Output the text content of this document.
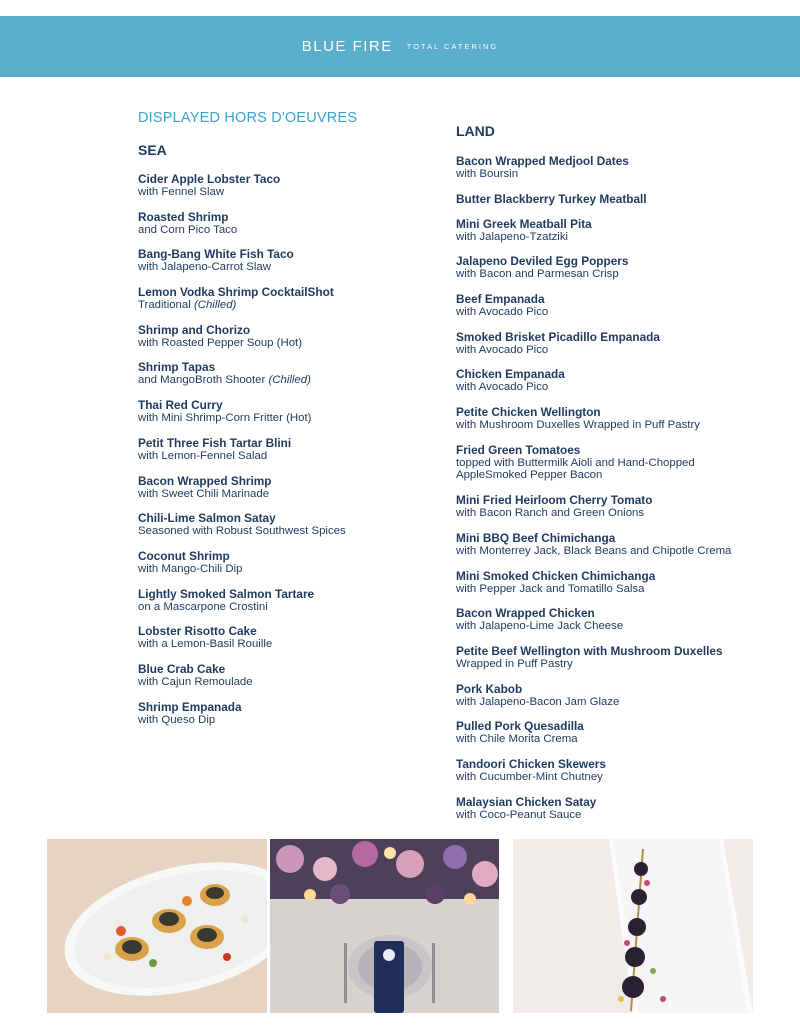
BLUE FIRE TOTAL CATERING
DISPLAYED HORS D'OEUVRES
SEA
LAND
Cider Apple Lobster Taco
with Fennel Slaw
Roasted Shrimp
and Corn Pico Taco
Bang-Bang White Fish Taco
with Jalapeno-Carrot Slaw
Lemon Vodka Shrimp CocktailShot
Traditional (Chilled)
Shrimp and Chorizo
with Roasted Pepper Soup (Hot)
Shrimp Tapas
and MangoBroth Shooter (Chilled)
Thai Red Curry
with Mini Shrimp-Corn Fritter (Hot)
Petit Three Fish Tartar Blini
with Lemon-Fennel Salad
Bacon Wrapped Shrimp
with Sweet Chili Marinade
Chili-Lime Salmon Satay
Seasoned with Robust Southwest Spices
Coconut Shrimp
with Mango-Chili Dip
Lightly Smoked Salmon Tartare
on a Mascarpone Crostini
Lobster Risotto Cake
with a Lemon-Basil Rouille
Blue Crab Cake
with Cajun Remoulade
Shrimp Empanada
with Queso Dip
Bacon Wrapped Medjool Dates
with Boursin
Butter Blackberry Turkey Meatball
Mini Greek Meatball Pita
with Jalapeno-Tzatziki
Jalapeno Deviled Egg Poppers
with Bacon and Parmesan Crisp
Beef Empanada
with Avocado Pico
Smoked Brisket Picadillo Empanada
with Avocado Pico
Chicken Empanada
with Avocado Pico
Petite Chicken Wellington
with Mushroom Duxelles Wrapped in Puff Pastry
Fried Green Tomatoes
topped with Buttermilk Aioli and Hand-Chopped
AppleSmoked Pepper Bacon
Mini Fried Heirloom Cherry Tomato
with Bacon Ranch and Green Onions
Mini BBQ Beef Chimichanga
with Monterrey Jack, Black Beans and Chipotle Crema
Mini Smoked Chicken Chimichanga
with Pepper Jack and Tomatillo Salsa
Bacon Wrapped Chicken
with Jalapeno-Lime Jack Cheese
Petite Beef Wellington with Mushroom Duxelles
Wrapped in Puff Pastry
Pork Kabob
with Jalapeno-Bacon Jam Glaze
Pulled Pork Quesadilla
with Chile Morita Crema
Tandoori Chicken Skewers
with Cucumber-Mint Chutney
Malaysian Chicken Satay
with Coco-Peanut Sauce
